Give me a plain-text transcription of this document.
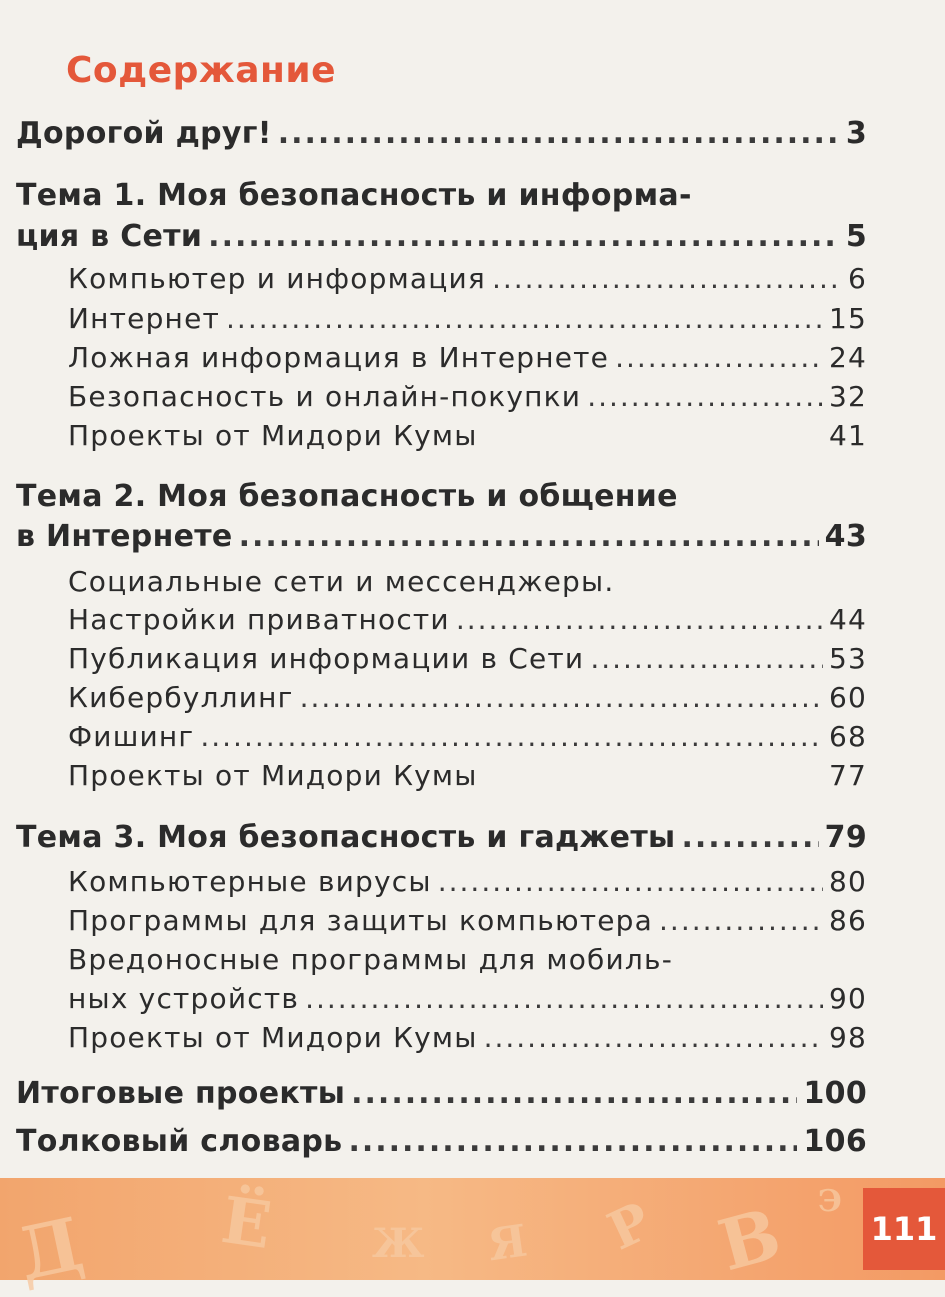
Содержание
Дорогой друг! .....	3
Тема 1. Моя безопасность и информа-
ция в Сети .....	5
Компьютер и информация .....	6
Интернет .....	15
Ложная информация в Интернете .....	24
Безопасность и онлайн-покупки .....	32
Проекты от Мидори Кумы	41
Тема 2. Моя безопасность и общение
в Интернете .....	43
Социальные сети и мессенджеры.
Настройки приватности .....	44
Публикация информации в Сети .....	53
Кибербуллинг .....	60
Фишинг .....	68
Проекты от Мидори Кумы	77
Тема 3. Моя безопасность и гаджеты .....	79
Компьютерные вирусы .....	80
Программы для защиты компьютера .....	86
Вредоносные программы для мобиль-
ных устройств .....	90
Проекты от Мидори Кумы .....	98
Итоговые проекты .....	100
Толковый словарь .....	106
Д Ё Ж Я Р В Э
111
